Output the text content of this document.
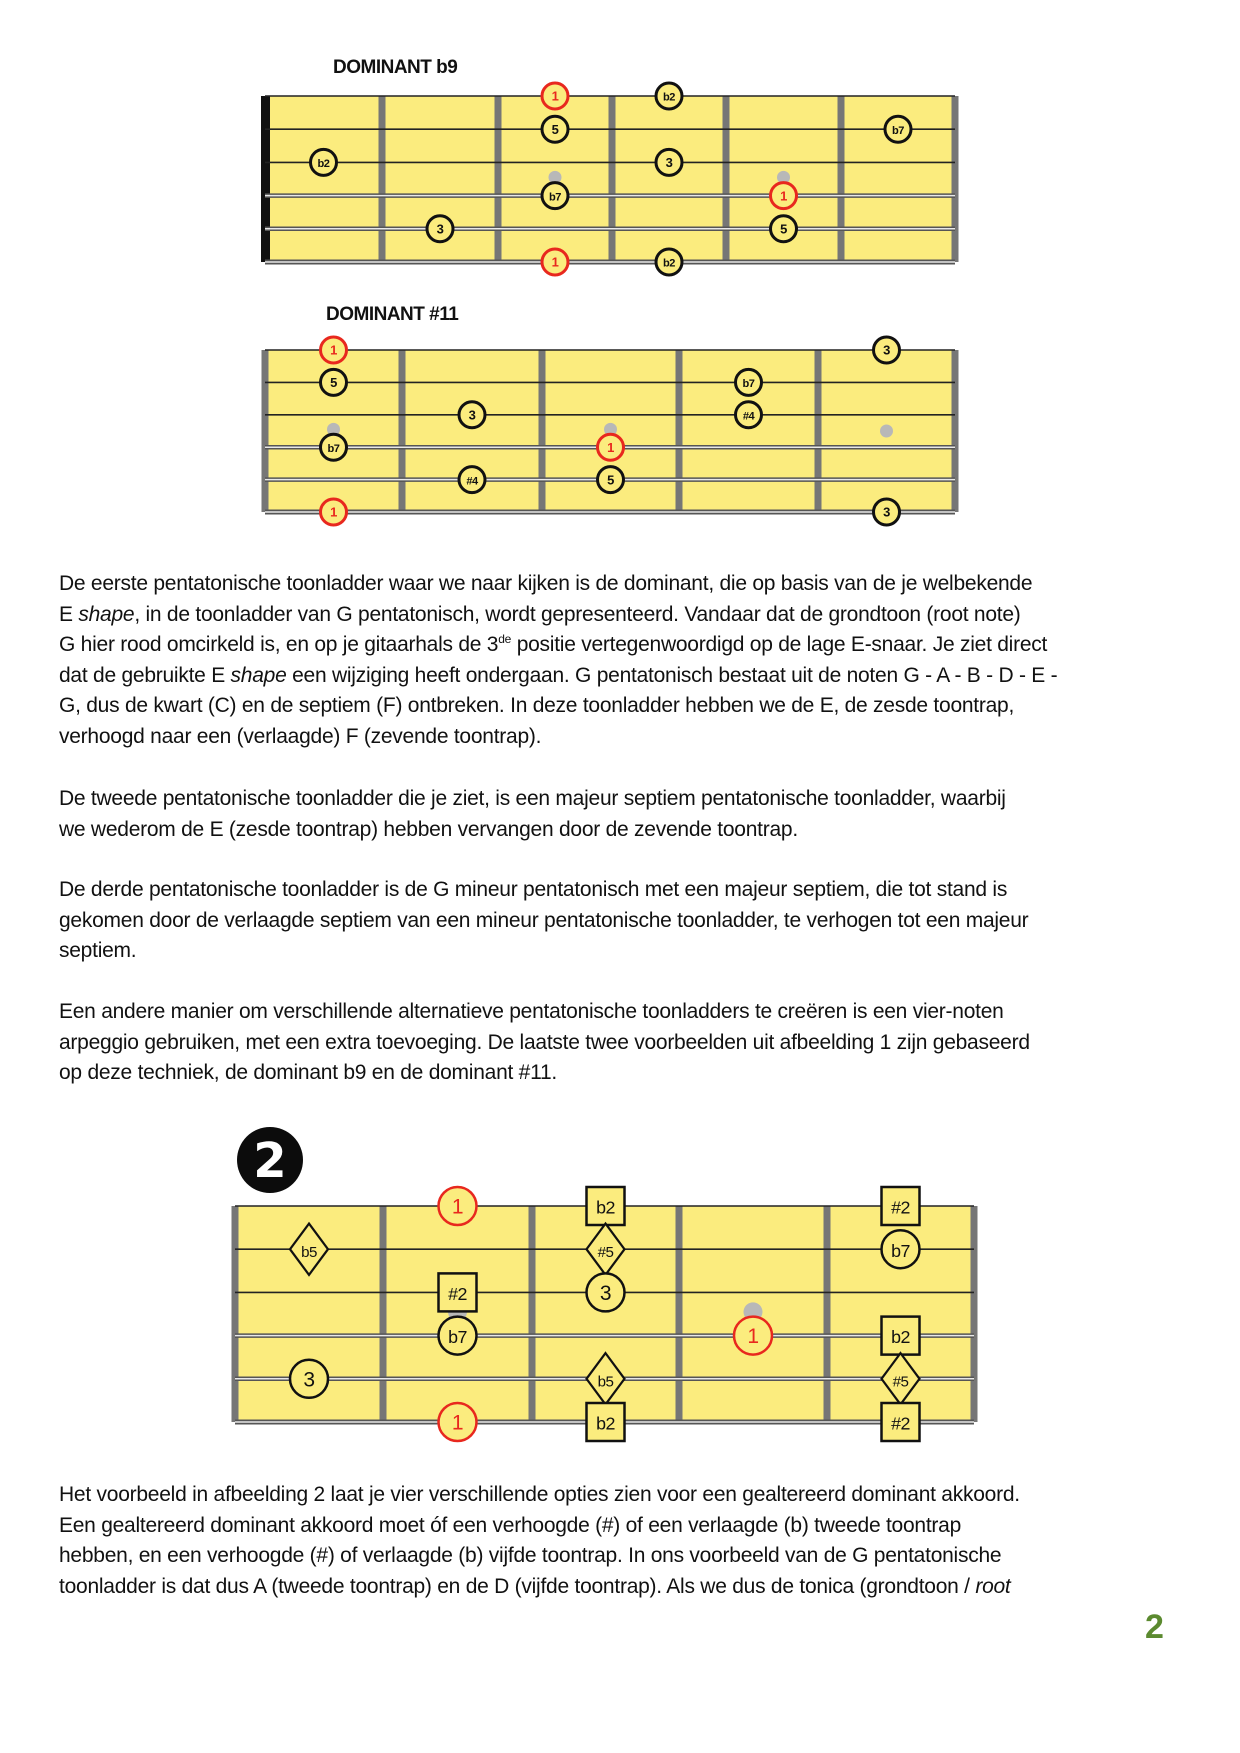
1	b2
5	b7
b2	3
b7	1
3	5
1	b2
1	3
5	b7
3	#4
b7	1
#4	5
1	3
1	b2	#2
b5	#5	b7
#2	3
b7	1	b2
3	b5	#5
1	b2	#2
2
DOMINANT b9
DOMINANT #11
De eerste pentatonische toonladder waar we naar kijken is de dominant, die op basis van de je welbekende
E shape, in de toonladder van G pentatonisch, wordt gepresenteerd. Vandaar dat de grondtoon (root note)
G hier rood omcirkeld is, en op je gitaarhals de 3de positie vertegenwoordigd op de lage E-snaar. Je ziet direct
dat de gebruikte E shape een wijziging heeft ondergaan. G pentatonisch bestaat uit de noten G - A - B - D - E -
G, dus de kwart (C) en de septiem (F) ontbreken. In deze toonladder hebben we de E, de zesde toontrap,
verhoogd naar een (verlaagde) F (zevende toontrap).
De tweede pentatonische toonladder die je ziet, is een majeur septiem pentatonische toonladder, waarbij
we wederom de E (zesde toontrap) hebben vervangen door de zevende toontrap.
De derde pentatonische toonladder is de G mineur pentatonisch met een majeur septiem, die tot stand is
gekomen door de verlaagde septiem van een mineur pentatonische toonladder, te verhogen tot een majeur
septiem.
Een andere manier om verschillende alternatieve pentatonische toonladders te creëren is een vier-noten
arpeggio gebruiken, met een extra toevoeging. De laatste twee voorbeelden uit afbeelding 1 zijn gebaseerd
op deze techniek, de dominant b9 en de dominant #11.
Het voorbeeld in afbeelding 2 laat je vier verschillende opties zien voor een gealtereerd dominant akkoord.
Een gealtereerd dominant akkoord moet óf een verhoogde (#) of een verlaagde (b) tweede toontrap
hebben, en een verhoogde (#) of verlaagde (b) vijfde toontrap. In ons voorbeeld van de G pentatonische
toonladder is dat dus A (tweede toontrap) en de D (vijfde toontrap). Als we dus de tonica (grondtoon / root
2
